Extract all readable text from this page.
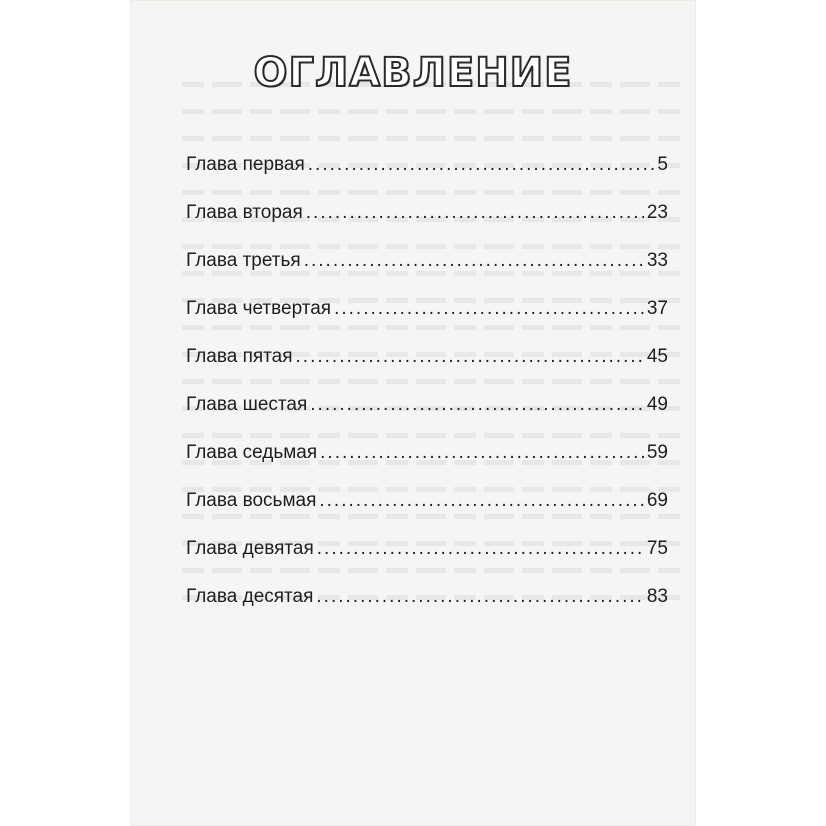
ОГЛАВЛЕНИЕ
Глава первая .....	5
Глава вторая .....	23
Глава третья .....	33
Глава четвертая .....	37
Глава пятая .....	45
Глава шестая .....	49
Глава седьмая .....	59
Глава восьмая .....	69
Глава девятая .....	75
Глава десятая .....	83
